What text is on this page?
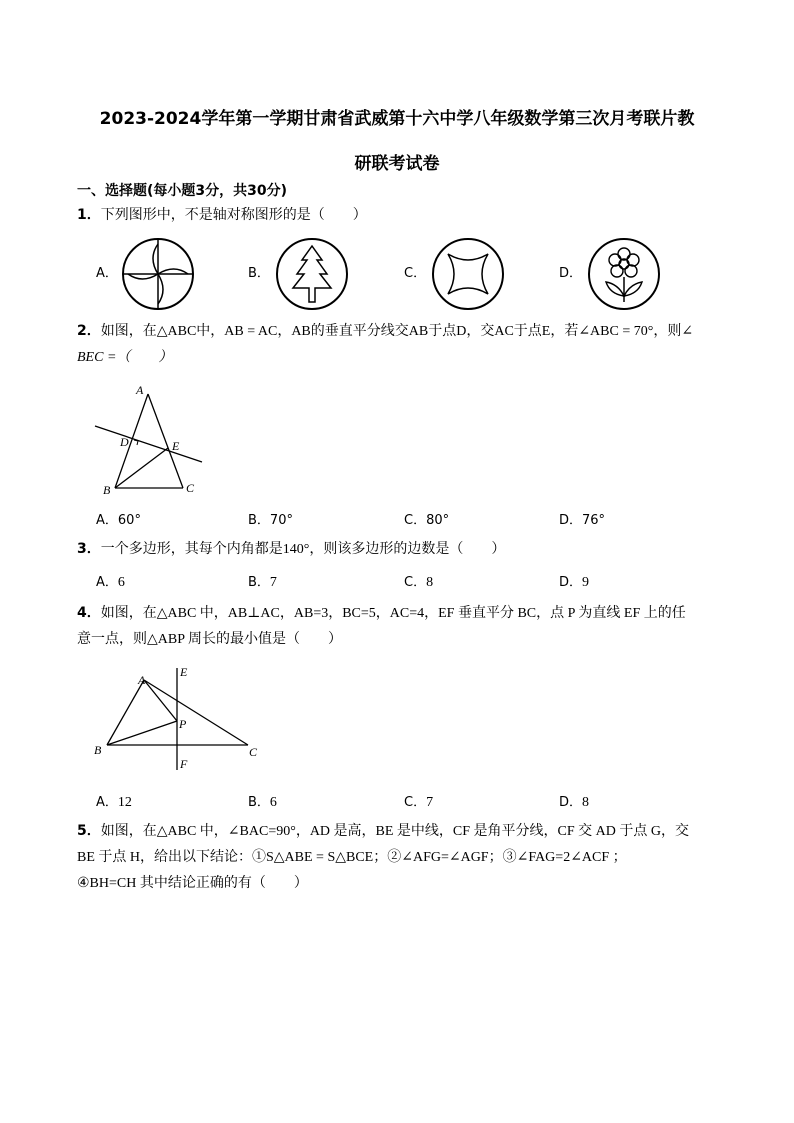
2023-2024学年第一学期甘肃省武威第十六中学八年级数学第三次月考联片教
研联考试卷
一、选择题(每小题3分，共30分)
1．下列图形中，不是轴对称图形的是（　　）
A．	B．	C．	D．
2．如图，在△ABC中，AB = AC，AB的垂直平分线交AB于点D，交AC于点E，若∠ABC = 70°，则∠
BEC =（　　）
A
D	E
B	C
A．60°	B．70°	C．80°	D．76°
3．一个多边形，其每个内角都是140°，则该多边形的边数是（　　）
A．6	B．7	C．8	D．9
4．如图，在△ABC 中，AB⊥AC，AB=3，BC=5，AC=4，EF 垂直平分 BC，点 P 为直线 EF 上的任
意一点，则△ABP 周长的最小值是（　　）
A
E
P
B	C
F
A．12	B．6	C．7	D．8
5．如图，在△ABC 中，∠BAC=90°，AD 是高，BE 是中线，CF 是角平分线，CF 交 AD 于点 G，交
BE 于点 H，给出以下结论：①S△ABE = S△BCE；②∠AFG=∠AGF；③∠FAG=2∠ACF ；
④BH=CH 其中结论正确的有（　　）
